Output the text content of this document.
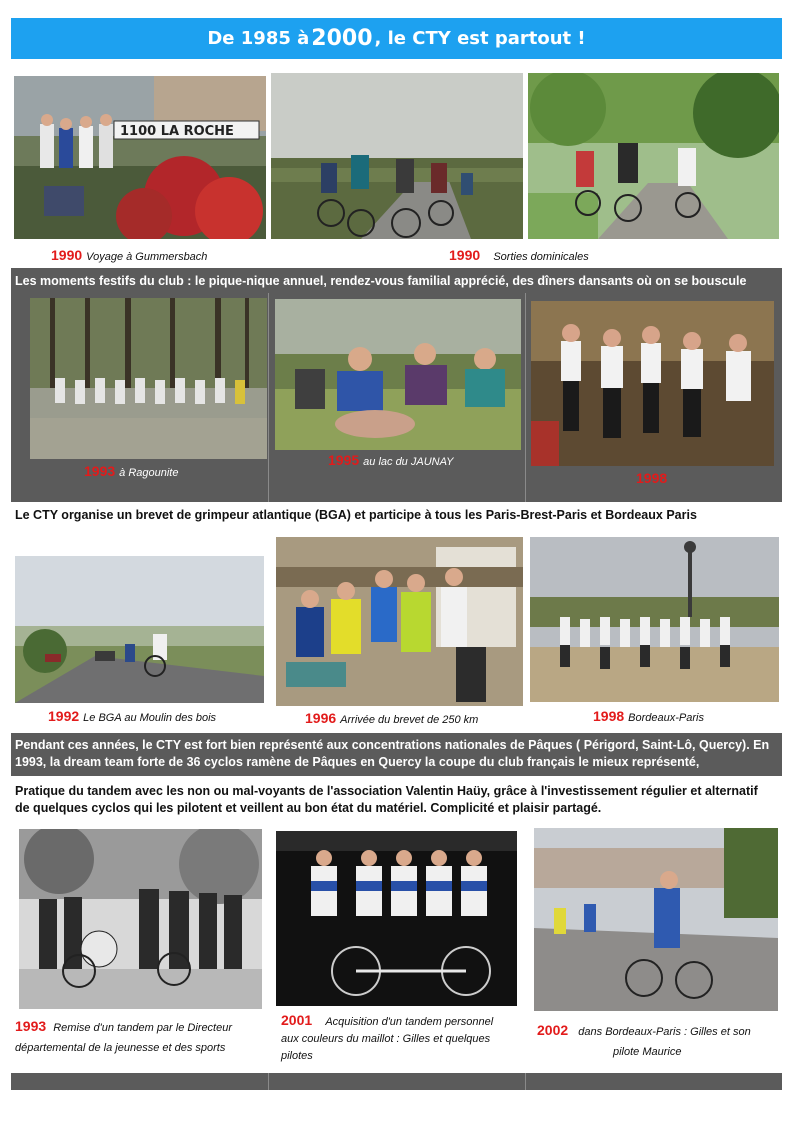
De 1985 à 2000 , le CTY est partout !
1100 LA ROCHE
1990 Voyage à Gummersbach	1990 Sorties dominicales
Les moments festifs du club : le pique-nique annuel, rendez-vous familial apprécié, des dîners dansants où on se bouscule
1993 à Ragounite
1995 au lac du JAUNAY
1998
Le CTY organise un brevet de grimpeur atlantique (BGA) et participe à tous les Paris-Brest-Paris et Bordeaux Paris
1992 Le BGA au Moulin des bois	1996 Arrivée du brevet de 250 km	1998 Bordeaux-Paris
Pendant ces années, le CTY est fort bien représenté aux concentrations nationales de Pâques ( Périgord, Saint-Lô, Quercy). En
1993, la dream team forte de 36 cyclos ramène de Pâques en Quercy la coupe du club français le mieux représenté,
Pratique du tandem avec les non ou mal-voyants de l'association Valentin Haüy, grâce à l'investissement régulier et alternatif
de quelques cyclos qui les pilotent et veillent au bon état du matériel. Complicité et plaisir partagé.
1993 Remise d'un tandem par le Directeur
départemental de la jeunesse et des sports
2001 Acquisition d'un tandem personnel
aux couleurs du maillot : Gilles et quelques
pilotes
2002 dans Bordeaux-Paris : Gilles et son
pilote Maurice
